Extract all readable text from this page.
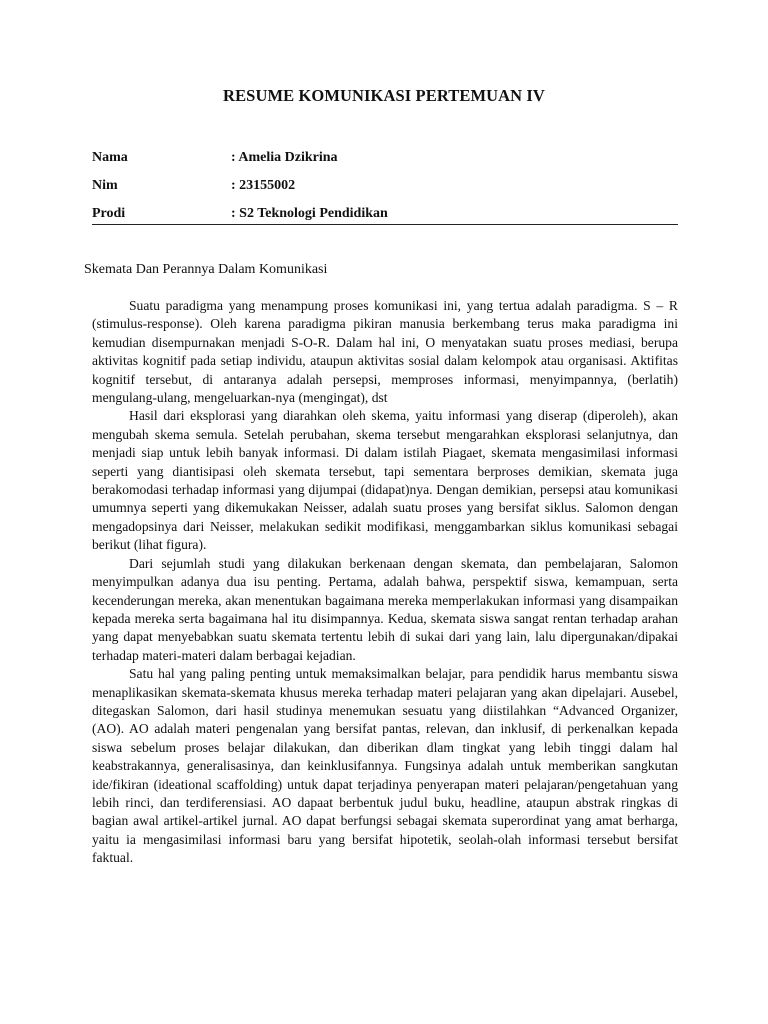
RESUME KOMUNIKASI PERTEMUAN IV
Nama	: Amelia Dzikrina
Nim	: 23155002
Prodi	: S2 Teknologi Pendidikan
Skemata Dan Perannya Dalam Komunikasi

Suatu paradigma yang menampung proses komunikasi ini, yang tertua adalah paradigma. S – R (stimulus-response). Oleh karena paradigma pikiran manusia berkembang terus maka paradigma ini kemudian disempurnakan menjadi S-O-R. Dalam hal ini, O menyatakan suatu proses mediasi, berupa aktivitas kognitif pada setiap individu, ataupun aktivitas sosial dalam kelompok atau organisasi. Aktifitas kognitif tersebut, di antaranya adalah persepsi, memproses informasi, menyimpannya, (berlatih) mengulang-ulang, mengeluarkan-nya (mengingat), dst

Hasil dari eksplorasi yang diarahkan oleh skema, yaitu informasi yang diserap (diperoleh), akan mengubah skema semula. Setelah perubahan, skema tersebut mengarahkan eksplorasi selanjutnya, dan menjadi siap untuk lebih banyak informasi. Di dalam istilah Piagaet, skemata mengasimilasi informasi seperti yang diantisipasi oleh skemata tersebut, tapi sementara berproses demikian, skemata juga berakomodasi terhadap informasi yang dijumpai (didapat)nya. Dengan demikian, persepsi atau komunikasi umumnya seperti yang dikemukakan Neisser, adalah suatu proses yang bersifat siklus. Salomon dengan mengadopsinya dari Neisser, melakukan sedikit modifikasi, menggambarkan siklus komunikasi sebagai berikut (lihat figura).

Dari sejumlah studi yang dilakukan berkenaan dengan skemata, dan pembelajaran, Salomon menyimpulkan adanya dua isu penting. Pertama, adalah bahwa, perspektif siswa, kemampuan, serta kecenderungan mereka, akan menentukan bagaimana mereka memperlakukan informasi yang disampaikan kepada mereka serta bagaimana hal itu disimpannya. Kedua, skemata siswa sangat rentan terhadap arahan yang dapat menyebabkan suatu skemata tertentu lebih di sukai dari yang lain, lalu dipergunakan/dipakai terhadap materi-materi dalam berbagai kejadian.

Satu hal yang paling penting untuk memaksimalkan belajar, para pendidik harus membantu siswa menaplikasikan skemata-skemata khusus mereka terhadap materi pelajaran yang akan dipelajari. Ausebel, ditegaskan Salomon, dari hasil studinya menemukan sesuatu yang diistilahkan “Advanced Organizer, (AO). AO adalah materi pengenalan yang bersifat pantas, relevan, dan inklusif, di perkenalkan kepada siswa sebelum proses belajar dilakukan, dan diberikan dlam tingkat yang lebih tinggi dalam hal keabstrakannya, generalisasinya, dan keinklusifannya. Fungsinya adalah untuk memberikan sangkutan ide/fikiran (ideational scaffolding) untuk dapat terjadinya penyerapan materi pelajaran/pengetahuan yang lebih rinci, dan terdiferensiasi. AO dapaat berbentuk judul buku, headline, ataupun abstrak ringkas di bagian awal artikel-artikel jurnal. AO dapat berfungsi sebagai skemata superordinat yang amat berharga, yaitu ia mengasimilasi informasi baru yang bersifat hipotetik, seolah-olah informasi tersebut bersifat faktual.
